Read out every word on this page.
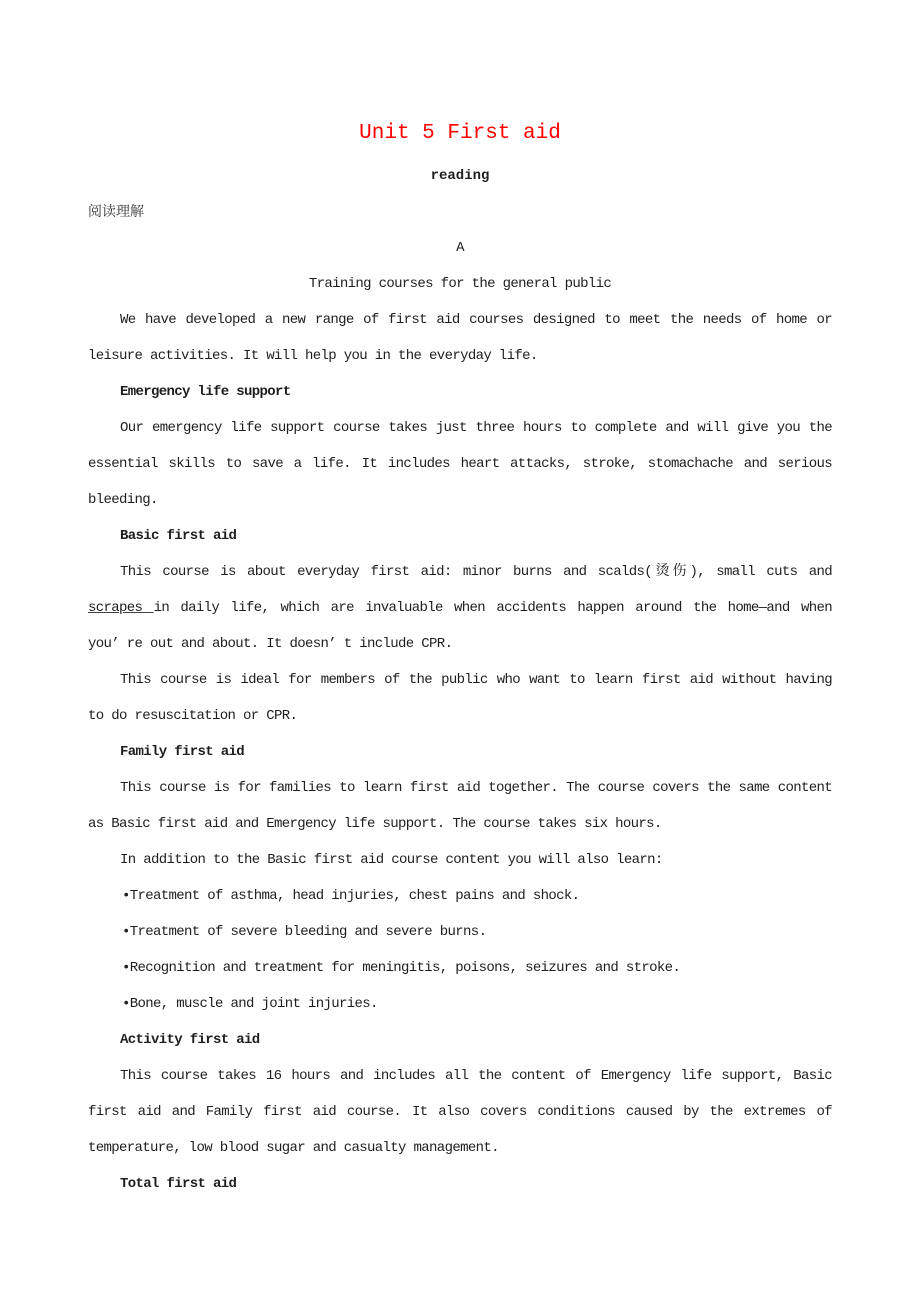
Unit 5 First aid
reading
阅读理解
A
Training courses for the general public
We have developed a new range of first aid courses designed to meet the needs of home or
leisure activities. It will help you in the everyday life.
Emergency life support
Our emergency life support course takes just three hours to complete and will give you the
essential skills to save a life. It includes heart attacks, stroke, stomachache and serious
bleeding.
Basic first aid
This course is about everyday first aid: minor burns and scalds(烫伤), small cuts and
scrapes in daily life, which are invaluable when accidents happen around the home—and when
you’ re out and about. It doesn’ t include CPR.
This course is ideal for members of the public who want to learn first aid without having
to do resuscitation or CPR.
Family first aid
This course is for families to learn first aid together. The course covers the same content
as Basic first aid and Emergency life support. The course takes six hours.
In addition to the Basic first aid course content you will also learn:
•Treatment of asthma, head injuries, chest pains and shock.
•Treatment of severe bleeding and severe burns.
•Recognition and treatment for meningitis, poisons, seizures and stroke.
•Bone, muscle and joint injuries.
Activity first aid
This course takes 16 hours and includes all the content of Emergency life support, Basic
first aid and Family first aid course. It also covers conditions caused by the extremes of
temperature, low blood sugar and casualty management.
Total first aid
